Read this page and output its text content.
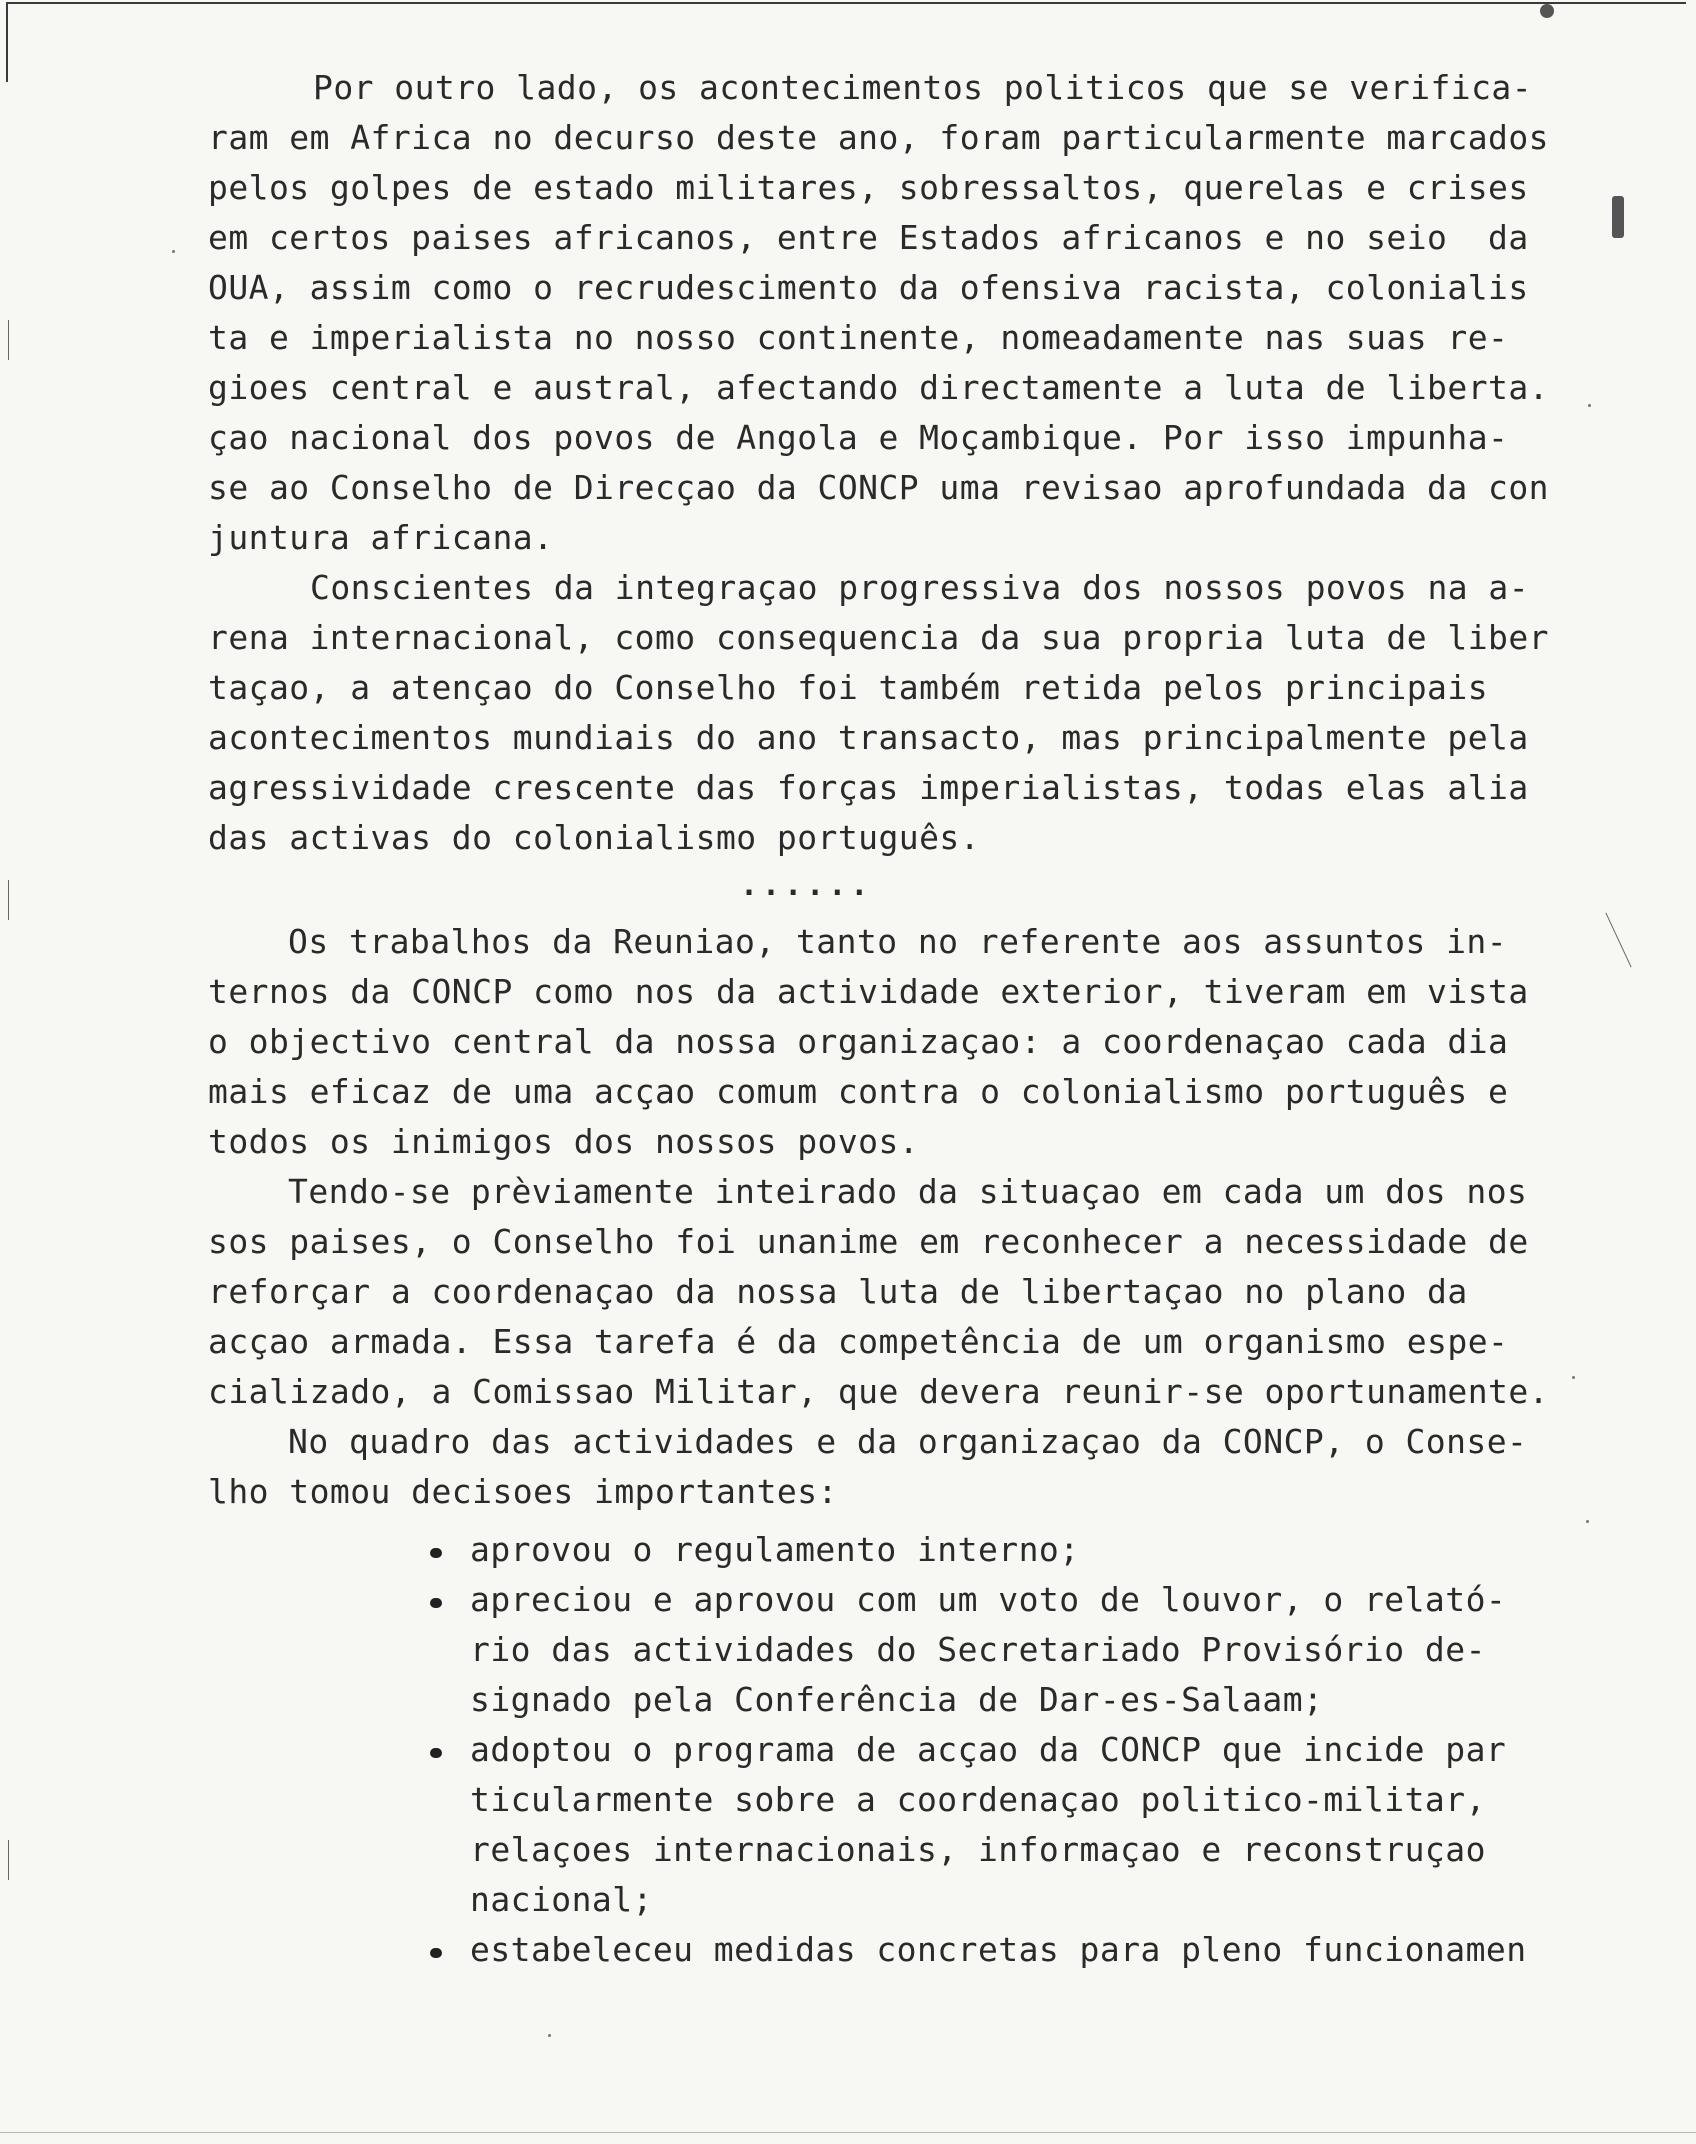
Por outro lado, os acontecimentos politicos que se verifica-
ram em Africa no decurso deste ano, foram particularmente marcados
pelos golpes de estado militares, sobressaltos, querelas e crises
em certos paises africanos, entre Estados africanos e no seio  da
OUA, assim como o recrudescimento da ofensiva racista, colonialis
ta e imperialista no nosso continente, nomeadamente nas suas re-
gioes central e austral, afectando directamente a luta de liberta.
çao nacional dos povos de Angola e Moçambique. Por isso impunha-
se ao Conselho de Direcçao da CONCP uma revisao aprofundada da con
juntura africana.
Conscientes da integraçao progressiva dos nossos povos na a-
rena internacional, como consequencia da sua propria luta de liber
taçao, a atençao do Conselho foi também retida pelos principais
acontecimentos mundiais do ano transacto, mas principalmente pela
agressividade crescente das forças imperialistas, todas elas alia
das activas do colonialismo português.
......
Os trabalhos da Reuniao, tanto no referente aos assuntos in-
ternos da CONCP como nos da actividade exterior, tiveram em vista
o objectivo central da nossa organizaçao: a coordenaçao cada dia
mais eficaz de uma acçao comum contra o colonialismo português e
todos os inimigos dos nossos povos.
Tendo-se prèviamente inteirado da situaçao em cada um dos nos
sos paises, o Conselho foi unanime em reconhecer a necessidade de
reforçar a coordenaçao da nossa luta de libertaçao no plano da
acçao armada. Essa tarefa é da competência de um organismo espe-
cializado, a Comissao Militar, que devera reunir-se oportunamente.
No quadro das actividades e da organizaçao da CONCP, o Conse-
lho tomou decisoes importantes:
aprovou o regulamento interno;
apreciou e aprovou com um voto de louvor, o relató-
rio das actividades do Secretariado Provisório de-
signado pela Conferência de Dar-es-Salaam;
adoptou o programa de acçao da CONCP que incide par
ticularmente sobre a coordenaçao politico-militar,
relaçoes internacionais, informaçao e reconstruçao
nacional;
estabeleceu medidas concretas para pleno funcionamen
